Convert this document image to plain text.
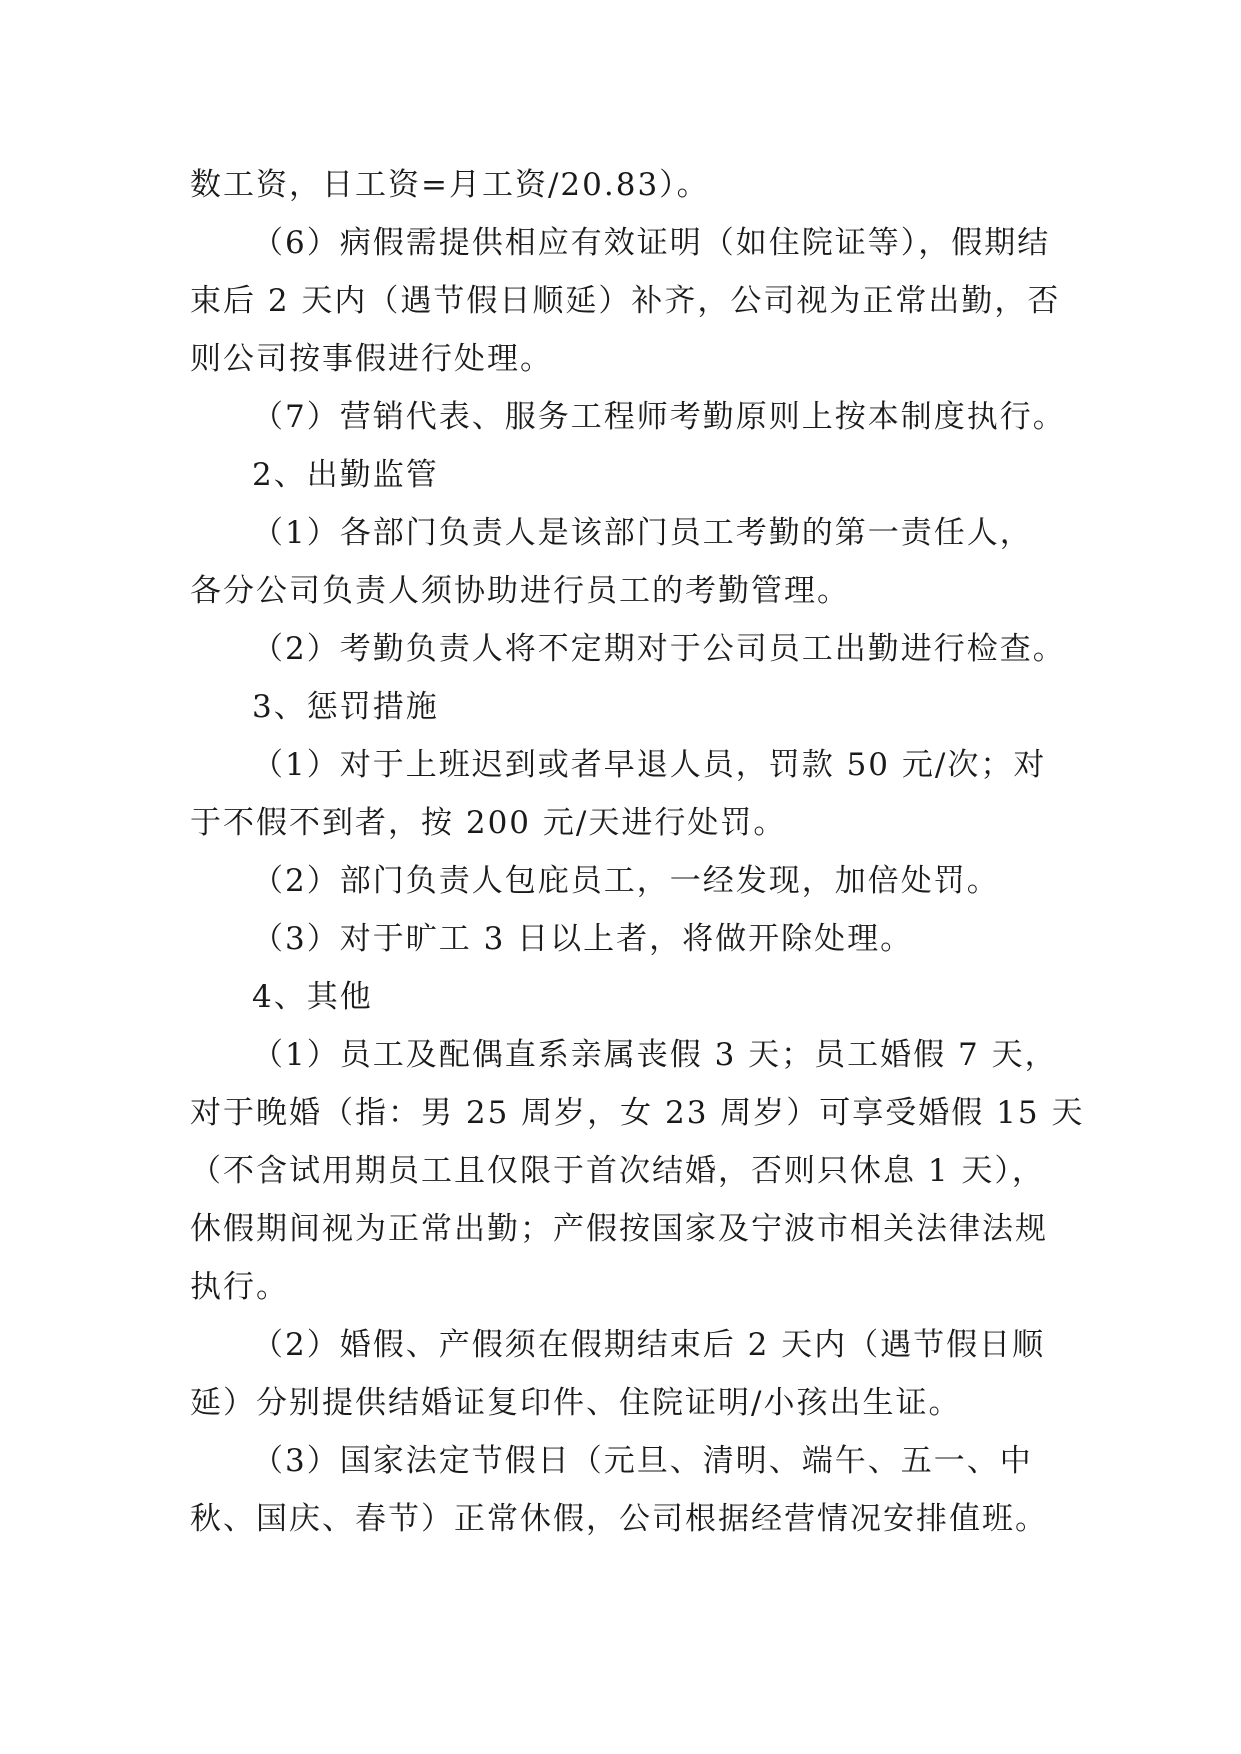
数工资，日工资=月工资/20.83）。
（6）病假需提供相应有效证明（如住院证等），假期结
束后 2 天内（遇节假日顺延）补齐，公司视为正常出勤，否
则公司按事假进行处理。
（7）营销代表、服务工程师考勤原则上按本制度执行。
2、出勤监管
（1）各部门负责人是该部门员工考勤的第一责任人，
各分公司负责人须协助进行员工的考勤管理。
（2）考勤负责人将不定期对于公司员工出勤进行检查。
3、惩罚措施
（1）对于上班迟到或者早退人员，罚款 50 元/次；对
于不假不到者，按 200 元/天进行处罚。
（2）部门负责人包庇员工，一经发现，加倍处罚。
（3）对于旷工 3 日以上者，将做开除处理。
4、其他
（1）员工及配偶直系亲属丧假 3 天；员工婚假 7 天，
对于晚婚（指：男 25 周岁，女 23 周岁）可享受婚假 15 天
（不含试用期员工且仅限于首次结婚，否则只休息 1 天），
休假期间视为正常出勤；产假按国家及宁波市相关法律法规
执行。
（2）婚假、产假须在假期结束后 2 天内（遇节假日顺
延）分别提供结婚证复印件、住院证明/小孩出生证。
（3）国家法定节假日（元旦、清明、端午、五一、中
秋、国庆、春节）正常休假，公司根据经营情况安排值班。
